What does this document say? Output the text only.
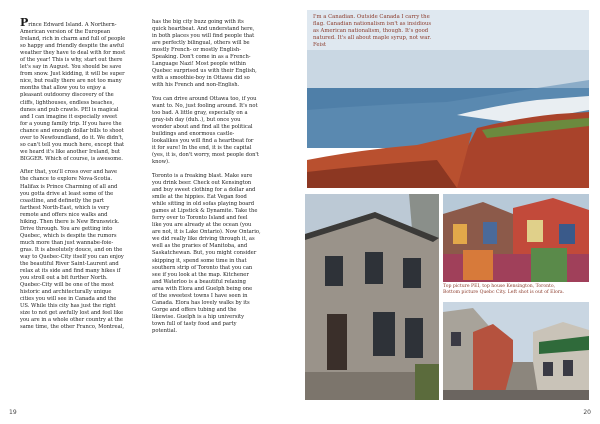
Prince Edward Island. A Northern-
American version of the European
Ireland, rich in charm and full of people
so happy and friendly despite the awful
weather they have to deal with for most
of the year! This is why, start out there
let's say in August. You should be save
from snow. Just kidding, it will be super
nice, but really there are not too many
months that allow you to enjoy a
pleasant outdoorsy discovery of the
cliffs, lighthouses, endless beaches,
dunes and pub crawls. PEI is magical
and I can imagine it especially sweet
for a young family trip. If you have the
chance and enough dollar bills to shoot
over to Newfoundland, do it. We didn't,
so can't tell you much here, except that
we heard it's like another Ireland, but
BIGGER. Which of course, is awesome.

After that, you'll cross over and have
the chance to explore Nova-Scotia.
Halifax is Prince Charming of all and
you gotta drive at least some of the
coastline, and definetly the part
farthest North-East, which is very
remote and offers nice walks and
hiking. Then there is New Brunswick.
Drive through. You are getting into
Quebec, which is despite the rumors
much more than just wannabe-foie-
gras. It is absolutely douce, and on the
way to Quebec-City itself you can enjoy
the beautiful River Saint-Laurent and
relax at its side and find many hikes if
you stroll out a bit further North.
Quebec-City will be one of the most
historic and architecturally unique
cities you will see in Canada and the
US. While this city has just the right
size to not get awfully lost and feel like
you are in a whole other country at the
same time, the other Franco, Montreal,

has the big city buzz going with its
quick heartbeat. And understand here,
in both places you will find people that
are perfectly bilingual, others will be
mostly French- or mostly English-
Speaking. Don't come in as a French-
Language Nazi! Most people within
Quebec surprised us with their English,
with a smoothie-boy in Ottawa did so
with his French and non-English.

You can drive around Ottawa too, if you
want to. No, just fooling around. It's not
too bad. A little gray, especially on a
gray-ish day (duh..), but once you
wonder about and find all the political
buildings and enormous castle-
lookalikes you will find a heartbeat for
it for sure! In the end, it is the capital
(yes, it is, don't worry, most people don't
know).

Toronto is a freaking blast. Make sure
you drink beer. Check out Kensington
and buy sweet clothing for a dollar and
smile at the hippies. Eat Vegan food
while sitting in old sofas playing board
games at Lipstick & Dynamite. Take the
ferry over to Toronto Island and feel
like you are already at the ocean (you
are not, it is Lake Ontario). Now Ontario,
we did really like driving through it, as
well as the praries of Manitoba, and
Saskatchewan. But, you might consider
skipping it, spend some time in that
southern strip of Toronto that you can
see if you look at the map. Kitchener
and Waterloo is a beautiful relaxing
area with Elora and Guelph being one
of the sweetest towns I have seen in
Canada. Elora has lovely walks by its
Gorge and offers tubing and the
likewise. Guelph is a hip university
town full of tasty food and party
potential.

19
I'm a Canadian. Outside Canada I carry the
flag. Canadian nationalism isn't as insidious
as American nationalism, though. It's good
natured. It's all about maple syrup, not war.
Feist
Top picture PEI, top house Kensington, Toronto,
Bottom picture Quebc City. Left shot is out of Elora.
20
